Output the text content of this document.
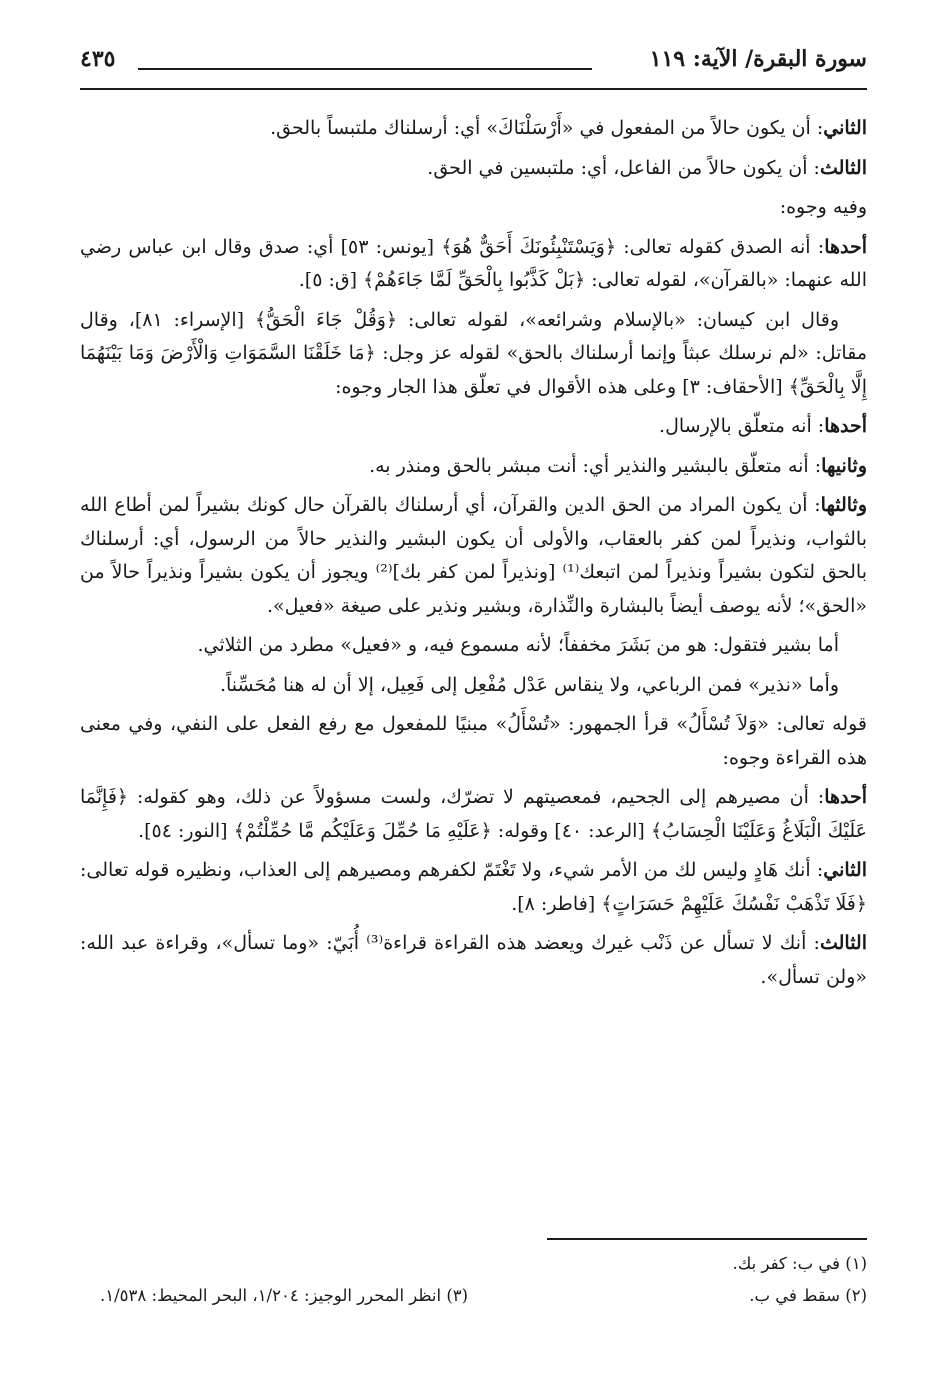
سورة البقرة/ الآية: ١١٩
٤٣٥

الثاني: أن يكون حالاً من المفعول في «أَرْسَلْنَاكَ» أي: أرسلناك ملتبساً بالحق.

الثالث: أن يكون حالاً من الفاعل، أي: ملتبسين في الحق.

وفيه وجوه:

أحدها: أنه الصدق كقوله تعالى: ﴿وَيَسْتَنْبِئُونَكَ أَحَقٌّ هُوَ﴾ [يونس: ٥٣] أي: صدق وقال ابن عباس رضي الله عنهما: «بالقرآن»، لقوله تعالى: ﴿بَلْ كَذَّبُوا بِالْحَقِّ لَمَّا جَاءَهُمْ﴾ [ق: ٥].

وقال ابن كيسان: «بالإسلام وشرائعه»، لقوله تعالى: ﴿وَقُلْ جَاءَ الْحَقُّ﴾ [الإسراء: ٨١]، وقال مقاتل: «لم نرسلك عبثاً وإنما أرسلناك بالحق» لقوله عز وجل: ﴿مَا خَلَقْنَا السَّمَوَاتِ وَالْأَرْضَ وَمَا بَيْنَهُمَا إِلَّا بِالْحَقِّ﴾ [الأحقاف: ٣] وعلى هذه الأقوال في تعلّق هذا الجار وجوه:

أحدها: أنه متعلّق بالإرسال.

وثانيها: أنه متعلّق بالبشير والنذير أي: أنت مبشر بالحق ومنذر به.

وثالثها: أن يكون المراد من الحق الدين والقرآن، أي أرسلناك بالقرآن حال كونك بشيراً لمن أطاع الله بالثواب، ونذيراً لمن كفر بالعقاب، والأولى أن يكون البشير والنذير حالاً من الرسول، أي: أرسلناك بالحق لتكون بشيراً ونذيراً لمن اتبعك⁽¹⁾ [ونذيراً لمن كفر بك]⁽²⁾ ويجوز أن يكون بشيراً ونذيراً حالاً من «الحق»؛ لأنه يوصف أيضاً بالبشارة والنِّذارة، وبشير ونذير على صيغة «فعيل».

أما بشير فتقول: هو من بَشَرَ مخففاً؛ لأنه مسموع فيه، و «فعيل» مطرد من الثلاثي.

وأما «نذير» فمن الرباعي، ولا ينقاس عَدْل مُفْعِل إلى فَعِيل، إلا أن له هنا مُحَسِّناً.

قوله تعالى: «وَلاَ تُسْأَلُ» قرأ الجمهور: «تُسْأَلُ» مبنيًا للمفعول مع رفع الفعل على النفي، وفي معنى هذه القراءة وجوه:

أحدها: أن مصيرهم إلى الجحيم، فمعصيتهم لا تضرّك، ولست مسؤولاً عن ذلك، وهو كقوله: ﴿فَإِنَّمَا عَلَيْكَ الْبَلَاغُ وَعَلَيْنَا الْحِسَابُ﴾ [الرعد: ٤٠] وقوله: ﴿عَلَيْهِ مَا حُمِّلَ وَعَلَيْكُم مَّا حُمِّلْتُمْ﴾ [النور: ٥٤].

الثاني: أنك هَادٍ وليس لك من الأمر شيء، ولا تَغْتَمّ لكفرهم ومصيرهم إلى العذاب، ونظيره قوله تعالى: ﴿فَلَا تَذْهَبْ نَفْسُكَ عَلَيْهِمْ حَسَرَاتٍ﴾ [فاطر: ٨].

الثالث: أنك لا تسأل عن ذَنْب غيرك ويعضد هذه القراءة قراءة⁽³⁾ أُبَيّ: «وما تسأل»، وقراءة عبد الله: «ولن تسأل».

(١) في ب: كفر بك.
(٢) سقط في ب.
(٣) انظر المحرر الوجيز: ١/٢٠٤، البحر المحيط: ١/٥٣٨.
